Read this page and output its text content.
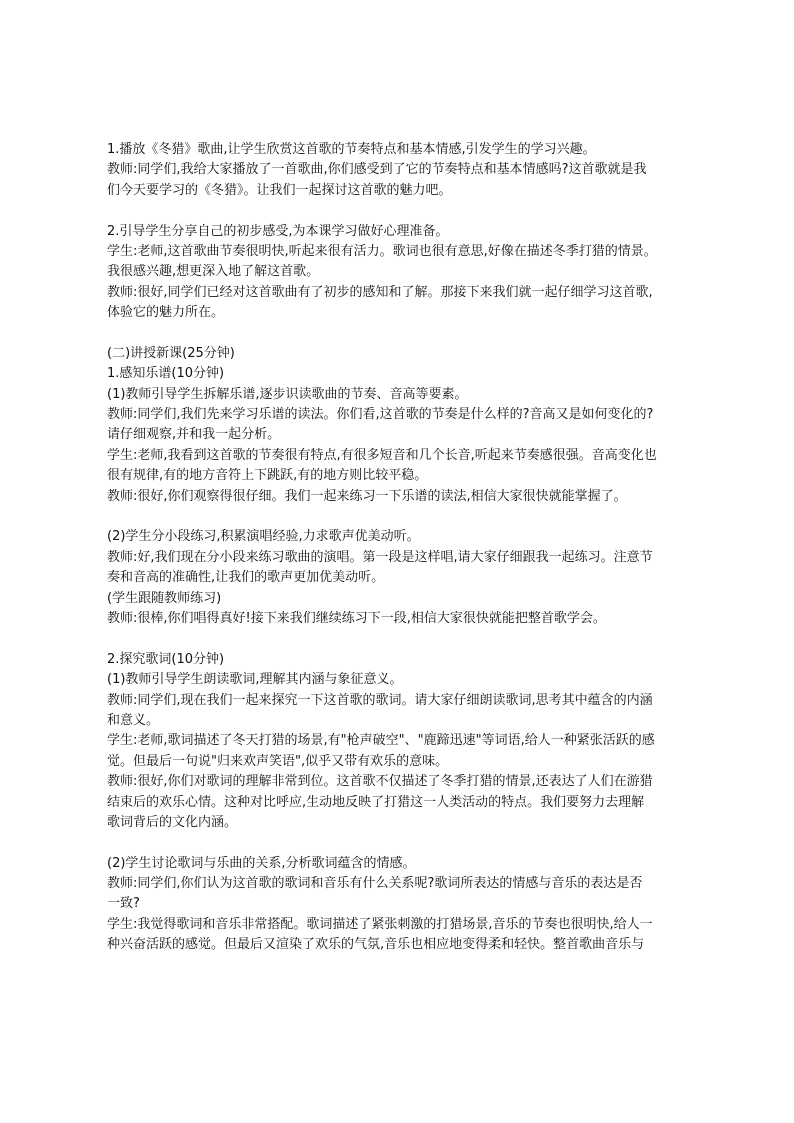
1.播放《冬猎》歌曲,让学生欣赏这首歌的节奏特点和基本情感,引发学生的学习兴趣。
教师:同学们,我给大家播放了一首歌曲,你们感受到了它的节奏特点和基本情感吗?这首歌就是我
们今天要学习的《冬猎》。让我们一起探讨这首歌的魅力吧。
2.引导学生分享自己的初步感受,为本课学习做好心理准备。
学生:老师,这首歌曲节奏很明快,听起来很有活力。歌词也很有意思,好像在描述冬季打猎的情景。
我很感兴趣,想更深入地了解这首歌。
教师:很好,同学们已经对这首歌曲有了初步的感知和了解。那接下来我们就一起仔细学习这首歌,
体验它的魅力所在。
(二)讲授新课(25分钟)
1.感知乐谱(10分钟)
(1)教师引导学生拆解乐谱,逐步识读歌曲的节奏、音高等要素。
教师:同学们,我们先来学习乐谱的读法。你们看,这首歌的节奏是什么样的?音高又是如何变化的?
请仔细观察,并和我一起分析。
学生:老师,我看到这首歌的节奏很有特点,有很多短音和几个长音,听起来节奏感很强。音高变化也
很有规律,有的地方音符上下跳跃,有的地方则比较平稳。
教师:很好,你们观察得很仔细。我们一起来练习一下乐谱的读法,相信大家很快就能掌握了。
(2)学生分小段练习,积累演唱经验,力求歌声优美动听。
教师:好,我们现在分小段来练习歌曲的演唱。第一段是这样唱,请大家仔细跟我一起练习。注意节
奏和音高的准确性,让我们的歌声更加优美动听。
(学生跟随教师练习)
教师:很棒,你们唱得真好!接下来我们继续练习下一段,相信大家很快就能把整首歌学会。
2.探究歌词(10分钟)
(1)教师引导学生朗读歌词,理解其内涵与象征意义。
教师:同学们,现在我们一起来探究一下这首歌的歌词。请大家仔细朗读歌词,思考其中蕴含的内涵
和意义。
学生:老师,歌词描述了冬天打猎的场景,有"枪声破空"、"鹿蹄迅速"等词语,给人一种紧张活跃的感
觉。但最后一句说"归来欢声笑语",似乎又带有欢乐的意味。
教师:很好,你们对歌词的理解非常到位。这首歌不仅描述了冬季打猎的情景,还表达了人们在游猎
结束后的欢乐心情。这种对比呼应,生动地反映了打猎这一人类活动的特点。我们要努力去理解
歌词背后的文化内涵。
(2)学生讨论歌词与乐曲的关系,分析歌词蕴含的情感。
教师:同学们,你们认为这首歌的歌词和音乐有什么关系呢?歌词所表达的情感与音乐的表达是否
一致?
学生:我觉得歌词和音乐非常搭配。歌词描述了紧张刺激的打猎场景,音乐的节奏也很明快,给人一
种兴奋活跃的感觉。但最后又渲染了欢乐的气氛,音乐也相应地变得柔和轻快。整首歌曲音乐与
